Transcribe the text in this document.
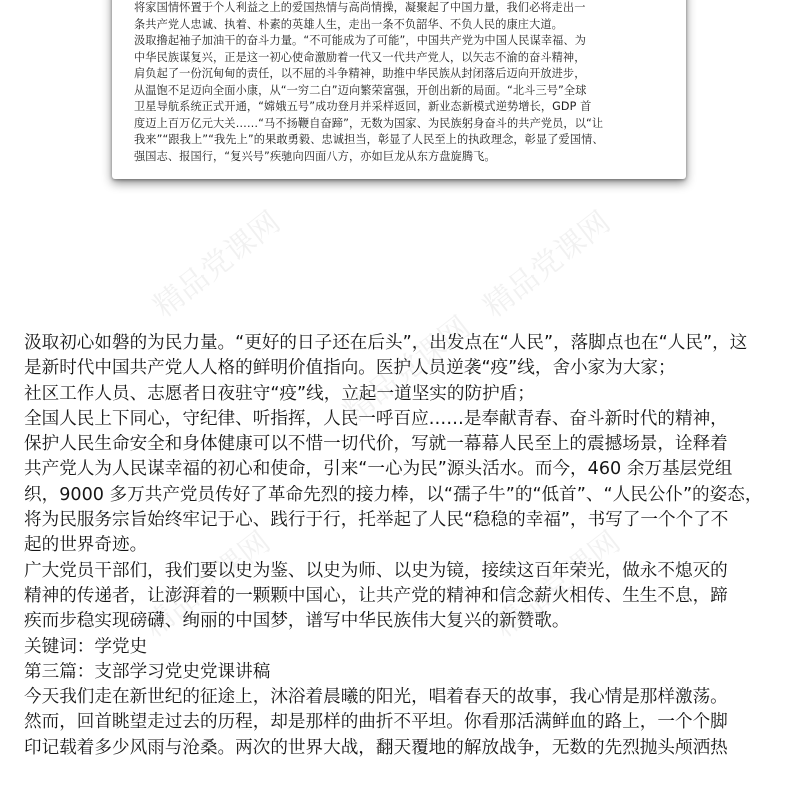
将家国情怀置于个人利益之上的爱国热情与高尚情操，凝聚起了中国力量，我们必将走出一
条共产党人忠诚、执着、朴素的英雄人生，走出一条不负韶华、不负人民的康庄大道。
汲取撸起袖子加油干的奋斗力量。“不可能成为了可能”，中国共产党为中国人民谋幸福、为
中华民族谋复兴，正是这一初心使命激励着一代又一代共产党人，以矢志不渝的奋斗精神，
肩负起了一份沉甸甸的责任，以不屈的斗争精神，助推中华民族从封闭落后迈向开放进步，
从温饱不足迈向全面小康，从“一穷二白”迈向繁荣富强，开创出新的局面。“北斗三号”全球
卫星导航系统正式开通，“嫦娥五号”成功登月并采样返回，新业态新模式逆势增长，GDP 首
度迈上百万亿元大关……“马不扬鞭自奋蹄”，无数为国家、为民族躬身奋斗的共产党员，以“让
我来”“跟我上”“我先上”的果敢勇毅、忠诚担当，彰显了人民至上的执政理念，彰显了爱国情、
强国志、报国行，“复兴号”疾驰向四面八方，亦如巨龙从东方盘旋腾飞。
精品党课网	精品党课网
精品党课网
精品党课网	精品党课网
汲取初心如磐的为民力量。“更好的日子还在后头”，出发点在“人民”，落脚点也在“人民”，这
是新时代中国共产党人人格的鲜明价值指向。医护人员逆袭“疫”线，舍小家为大家；
社区工作人员、志愿者日夜驻守“疫”线，立起一道坚实的防护盾；
全国人民上下同心，守纪律、听指挥，人民一呼百应……是奉献青春、奋斗新时代的精神，
保护人民生命安全和身体健康可以不惜一切代价，写就一幕幕人民至上的震撼场景，诠释着
共产党人为人民谋幸福的初心和使命，引来“一心为民”源头活水。而今，460 余万基层党组
织，9000 多万共产党员传好了革命先烈的接力棒，以“孺子牛”的“低首”、“人民公仆”的姿态，
将为民服务宗旨始终牢记于心、践行于行，托举起了人民“稳稳的幸福”，书写了一个个了不
起的世界奇迹。
广大党员干部们，我们要以史为鉴、以史为师、以史为镜，接续这百年荣光，做永不熄灭的
精神的传递者，让澎湃着的一颗颗中国心，让共产党的精神和信念薪火相传、生生不息，蹄
疾而步稳实现磅礴、绚丽的中国梦，谱写中华民族伟大复兴的新赞歌。
关键词：学党史
第三篇：支部学习党史党课讲稿
今天我们走在新世纪的征途上，沐浴着晨曦的阳光，唱着春天的故事，我心情是那样激荡。
然而，回首眺望走过去的历程，却是那样的曲折不平坦。你看那活满鲜血的路上，一个个脚
印记载着多少风雨与沧桑。两次的世界大战，翻天覆地的解放战争，无数的先烈抛头颅洒热
